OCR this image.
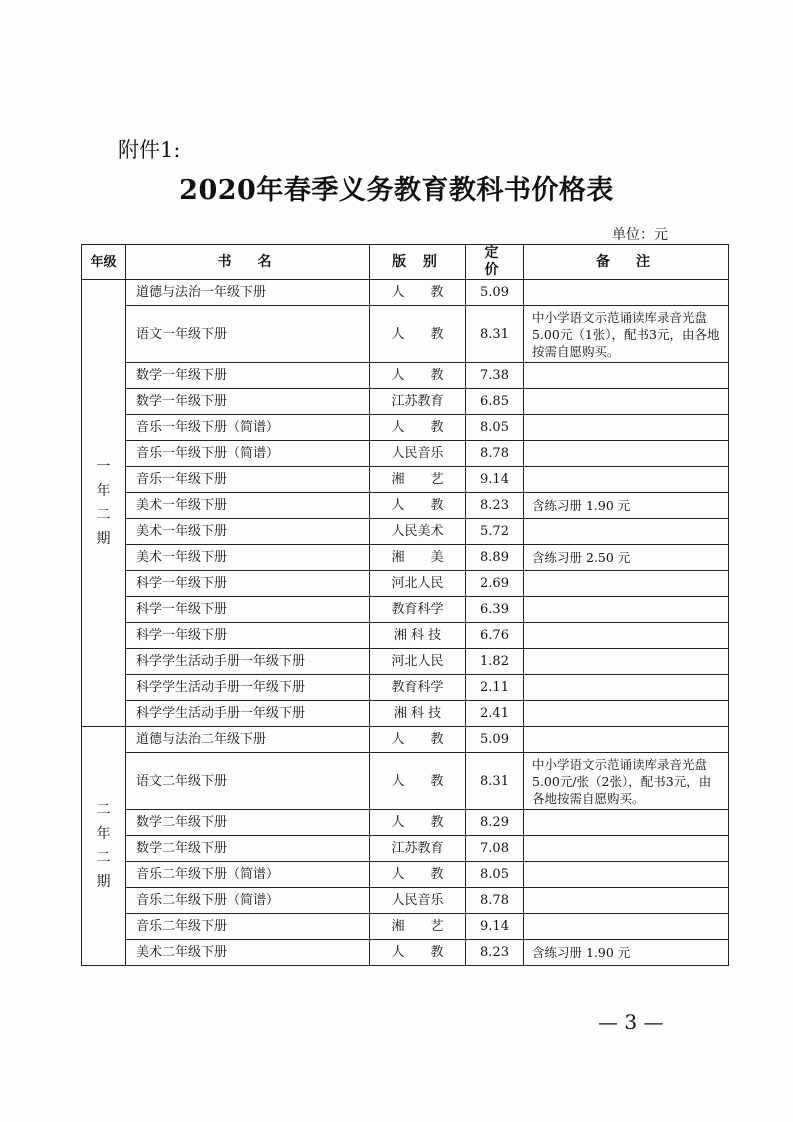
附件1:
2020年春季义务教育教科书价格表
单位：元
年级	书　名	版 别	定 价	备　注
一
年
二
期	道德与法治一年级下册	人　　教	5.09	
	语文一年级下册	人　　教	8.31	中小学语文示范诵读库录音光盘5.00元（1张），配书3元，由各地按需自愿购买。
	数学一年级下册	人　　教	7.38	
	数学一年级下册	江苏教育	6.85	
	音乐一年级下册（简谱）	人　　教	8.05	
	音乐一年级下册（简谱）	人民音乐	8.78	
	音乐一年级下册	湘　　艺	9.14	
	美术一年级下册	人　　教	8.23	含练习册 1.90 元
	美术一年级下册	人民美术	5.72	
	美术一年级下册	湘　　美	8.89	含练习册 2.50 元
	科学一年级下册	河北人民	2.69	
	科学一年级下册	教育科学	6.39	
	科学一年级下册	湘 科 技	6.76	
	科学学生活动手册一年级下册	河北人民	1.82	
	科学学生活动手册一年级下册	教育科学	2.11	
	科学学生活动手册一年级下册	湘 科 技	2.41	
二
年
二
期	道德与法治二年级下册	人　　教	5.09	
	语文二年级下册	人　　教	8.31	中小学语文示范诵读库录音光盘5.00元/张（2张），配书3元，由各地按需自愿购买。
	数学二年级下册	人　　教	8.29	
	数学二年级下册	江苏教育	7.08	
	音乐二年级下册（简谱）	人　　教	8.05	
	音乐二年级下册（简谱）	人民音乐	8.78	
	音乐二年级下册	湘　　艺	9.14	
	美术二年级下册	人　　教	8.23	含练习册 1.90 元
— 3 —
